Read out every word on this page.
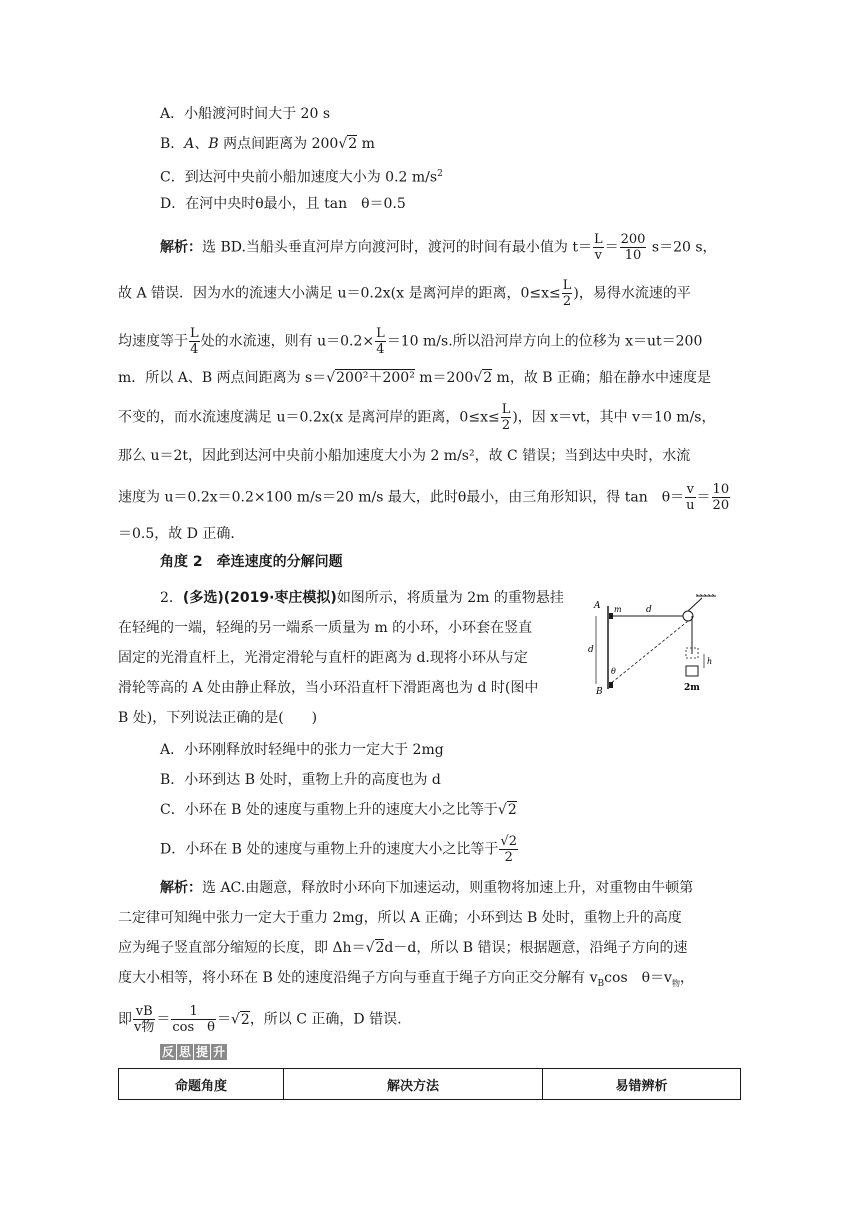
A．小船渡河时间大于 20 s
B．A、B 两点间距离为 200√2 m
C．到达河中央前小船加速度大小为 0.2 $m/s^2$
D．在河中央时θ最小，且 tan　θ＝0.5
解析：选 BD.当船头垂直河岸方向渡河时，渡河的时间有最小值为 $t= \frac{L}{v} = \frac{200}{10} s=20$ s，
故 A 错误．因为水的流速大小满足 u＝0.2x(x 是离河岸的距离，$0\le x\le \frac{L}{2}$ )，易得水流速的平
均速度等于 $\frac{L}{4}$ 处的水流速，则有 $u=0.2\times \frac{L}{4} =10$ m/s.所以沿河岸方向上的位移为 x＝ut＝200
m．所以 A、B 两点间距离为 s＝√200²＋200² m＝200√2 m，故 B 正确；船在静水中速度是
不变的，而水流速度满足 u＝0.2x(x 是离河岸的距离，$0\le x\le \frac{L}{2}$ )，因 x＝vt，其中 v＝10 m/s，
那么 u＝2t，因此到达河中央前小船加速度大小为 2 m/s²，故 C 错误；当到达中央时，水流
速度为 u＝0.2x＝0.2×100 m/s＝20 m/s 最大，此时θ最小，由三角形知识，得 tan　$\theta= \frac{v}{u} = \frac{10}{20}$
＝0.5，故 D 正确．
角度 2　牵连速度的分解问题
2．(多选)(2019·枣庄模拟)如图所示，将质量为 2m 的重物悬挂
在轻绳的一端，轻绳的另一端系一质量为 m 的小环，小环套在竖直
固定的光滑直杆上，光滑定滑轮与直杆的距离为 d.现将小环从与定
滑轮等高的 A 处由静止释放，当小环沿直杆下滑距离也为 d 时(图中
B 处)，下列说法正确的是(　　)
A m	d
d
θ
B
h
2m
A．小环刚释放时轻绳中的张力一定大于 2mg
B．小环到达 B 处时，重物上升的高度也为 d
C．小环在 B 处的速度与重物上升的速度大小之比等于√2
D．小环在 B 处的速度与重物上升的速度大小之比等于 $\frac{√2}{2}$
解析：选 AC.由题意，释放时小环向下加速运动，则重物将加速上升，对重物由牛顿第
二定律可知绳中张力一定大于重力 2mg，所以 A 正确；小环到达 B 处时，重物上升的高度
应为绳子竖直部分缩短的长度，即 Δh＝√2d－d，所以 B 错误；根据题意，沿绳子方向的速
度大小相等，将小环在 B 处的速度沿绳子方向与垂直于绳子方向正交分解有 $v_B\cos$　$\theta=v_物$，
即 $\frac{vB}{\text{v物}} = \frac{1}{\text{cos　θ}} =√2$，所以 C 正确，D 错误.
反 思 提 升
命题角度	解决方法	易错辨析
